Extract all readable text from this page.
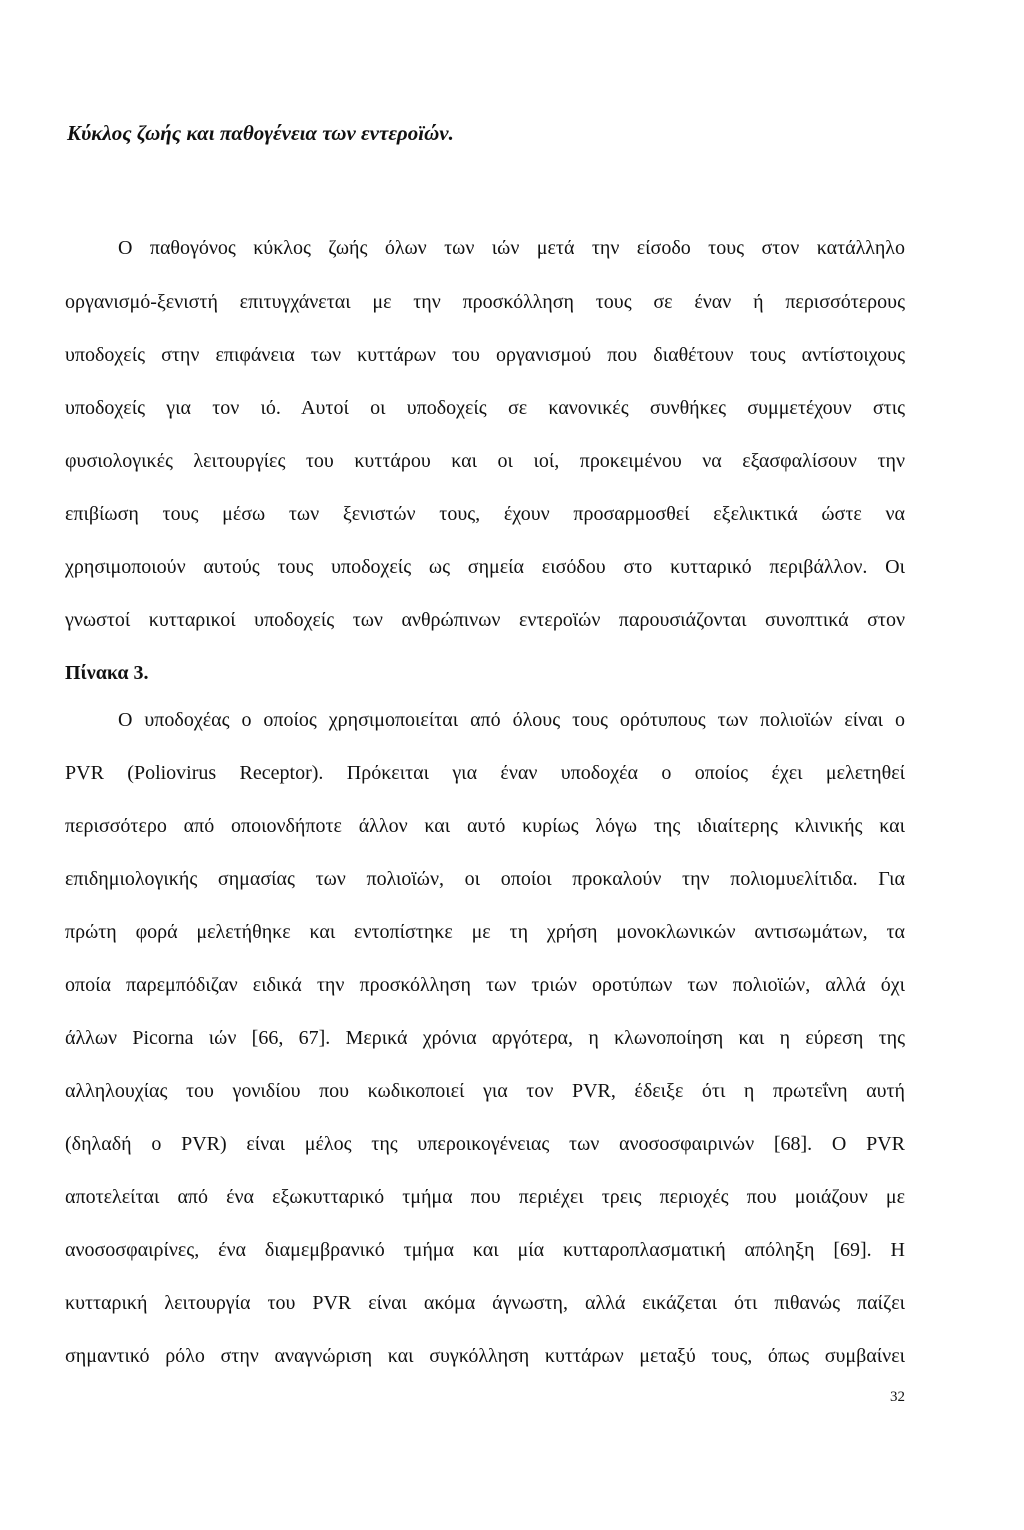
Κύκλος ζωής και παθογένεια των εντεροϊών.
Ο παθογόνος κύκλος ζωής όλων των ιών μετά την είσοδο τους στον κατάλληλο
οργανισμό-ξενιστή επιτυγχάνεται με την προσκόλληση τους σε έναν ή περισσότερους
υποδοχείς στην επιφάνεια των κυττάρων του οργανισμού που διαθέτουν τους αντίστοιχους
υποδοχείς για τον ιό. Αυτοί οι υποδοχείς σε κανονικές συνθήκες συμμετέχουν στις
φυσιολογικές λειτουργίες του κυττάρου και οι ιοί, προκειμένου να εξασφαλίσουν την
επιβίωση τους μέσω των ξενιστών τους, έχουν προσαρμοσθεί εξελικτικά ώστε να
χρησιμοποιούν αυτούς τους υποδοχείς ως σημεία εισόδου στο κυτταρικό περιβάλλον. Οι
γνωστοί κυτταρικοί υποδοχείς των ανθρώπινων εντεροϊών παρουσιάζονται συνοπτικά στον
Πίνακα 3.
Ο υποδοχέας ο οποίος χρησιμοποιείται από όλους τους ορότυπους των πολιοϊών είναι ο
PVR (Poliovirus Receptor). Πρόκειται για έναν υποδοχέα ο οποίος έχει μελετηθεί
περισσότερο από οποιονδήποτε άλλον και αυτό κυρίως λόγω της ιδιαίτερης κλινικής και
επιδημιολογικής σημασίας των πολιοϊών, οι οποίοι προκαλούν την πολιομυελίτιδα. Για
πρώτη φορά μελετήθηκε και εντοπίστηκε με τη χρήση μονοκλωνικών αντισωμάτων, τα
οποία παρεμπόδιζαν ειδικά την προσκόλληση των τριών οροτύπων των πολιοϊών, αλλά όχι
άλλων Picorna ιών [66, 67]. Μερικά χρόνια αργότερα, η κλωνοποίηση και η εύρεση της
αλληλουχίας του γονιδίου που κωδικοποιεί για τον PVR, έδειξε ότι η πρωτεΐνη αυτή
(δηλαδή ο PVR) είναι μέλος της υπεροικογένειας των ανοσοσφαιρινών [68]. Ο PVR
αποτελείται από ένα εξωκυτταρικό τμήμα που περιέχει τρεις περιοχές που μοιάζουν με
ανοσοσφαιρίνες, ένα διαμεμβρανικό τμήμα και μία κυτταροπλασματική απόληξη [69]. Η
κυτταρική λειτουργία του PVR είναι ακόμα άγνωστη, αλλά εικάζεται ότι πιθανώς παίζει
σημαντικό ρόλο στην αναγνώριση και συγκόλληση κυττάρων μεταξύ τους, όπως συμβαίνει
32
